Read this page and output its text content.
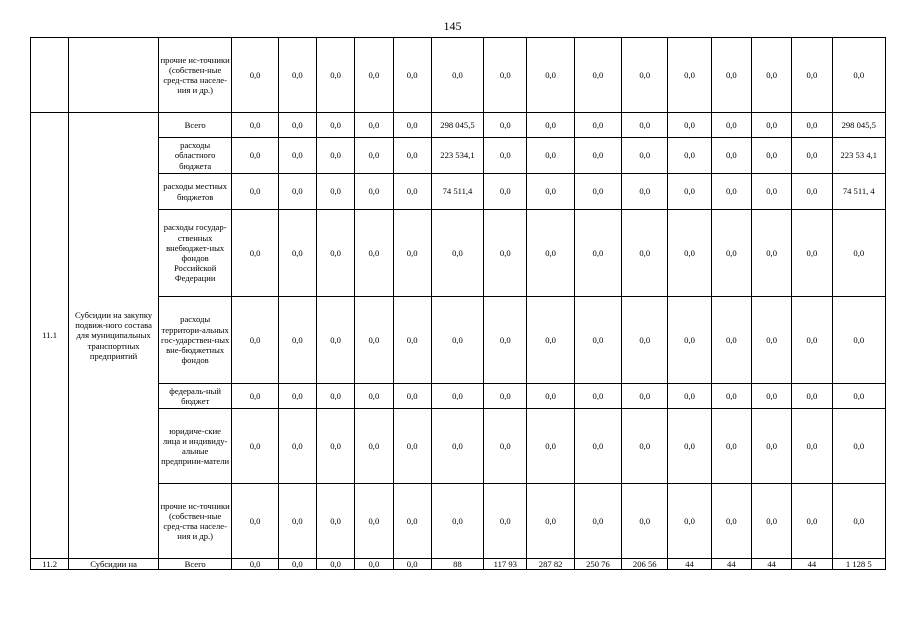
145
		прочие ис-точники (собствен-ные сред-ства населе-ния и др.)	0,0	0,0	0,0	0,0	0,0	0,0	0,0	0,0	0,0	0,0	0,0	0,0	0,0	0,0	0,0
11.1	Субсидии на закупку подвиж-ного состава для муниципальных транспортных предприятий	Всего	0,0	0,0	0,0	0,0	0,0	298 045,5	0,0	0,0	0,0	0,0	0,0	0,0	0,0	0,0	298 045,5
		расходы областного бюджета	0,0	0,0	0,0	0,0	0,0	223 534,1	0,0	0,0	0,0	0,0	0,0	0,0	0,0	0,0	223 53 4,1
		расходы местных бюджетов	0,0	0,0	0,0	0,0	0,0	74 511,4	0,0	0,0	0,0	0,0	0,0	0,0	0,0	0,0	74 511, 4
		расходы государ-ственных внебюджет-ных фондов Российской Федерации	0,0	0,0	0,0	0,0	0,0	0,0	0,0	0,0	0,0	0,0	0,0	0,0	0,0	0,0	0,0
		расходы территори-альных гос-ударствен-ных вне-бюджетных фондов	0,0	0,0	0,0	0,0	0,0	0,0	0,0	0,0	0,0	0,0	0,0	0,0	0,0	0,0	0,0
		федераль-ный бюджет	0,0	0,0	0,0	0,0	0,0	0,0	0,0	0,0	0,0	0,0	0,0	0,0	0,0	0,0	0,0
		юридиче-ские лица и индивиду-альные предприни-матели	0,0	0,0	0,0	0,0	0,0	0,0	0,0	0,0	0,0	0,0	0,0	0,0	0,0	0,0	0,0
		прочие ис-точники (собствен-ные сред-ства населе-ния и др.)	0,0	0,0	0,0	0,0	0,0	0,0	0,0	0,0	0,0	0,0	0,0	0,0	0,0	0,0	0,0
11.2	Субсидии на	Всего	0,0	0,0	0,0	0,0	0,0	88	117 93	287 82	250 76	206 56	44	44	44	44	1 128 5
